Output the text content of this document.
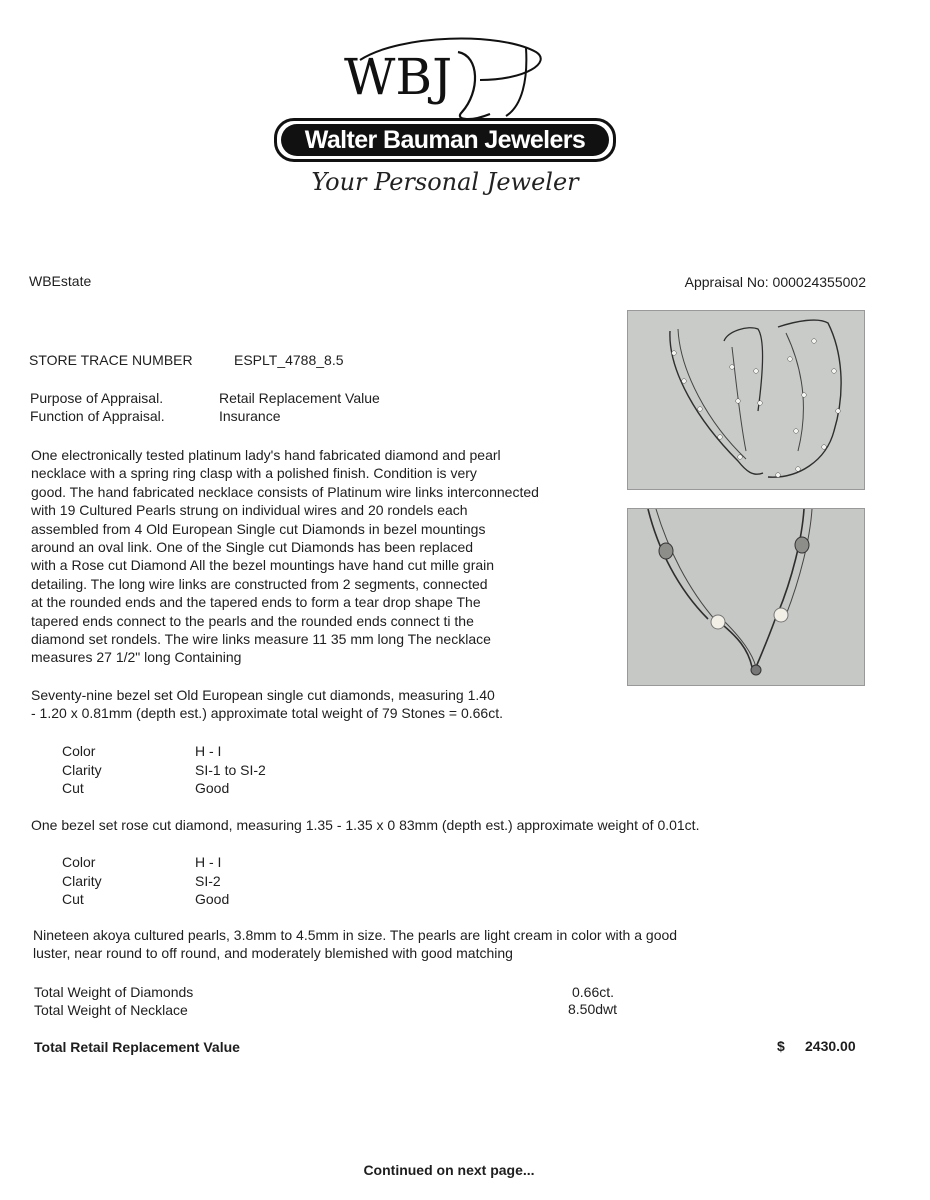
WBJ
Walter Bauman Jewelers
Your Personal Jeweler
WBEstate	Appraisal No: 000024355002
STORE TRACE NUMBER	ESPLT_4788_8.5
Purpose of Appraisal.	Retail Replacement Value
Function of Appraisal.	Insurance
One electronically tested platinum lady's hand fabricated diamond and pearl
necklace with a spring ring clasp with a polished finish. Condition is very
good. The hand fabricated necklace consists of Platinum wire links interconnected
with 19 Cultured Pearls strung on individual wires and 20 rondels each
assembled from 4 Old European Single cut Diamonds in bezel mountings
around an oval link. One of the Single cut Diamonds has been replaced
with a Rose cut Diamond All the bezel mountings have hand cut mille grain
detailing. The long wire links are constructed from 2 segments, connected
at the rounded ends and the tapered ends to form a tear drop shape The
tapered ends connect to the pearls and the rounded ends connect ti the
diamond set rondels. The wire links measure 11 35 mm long The necklace
measures 27 1/2" long Containing
Seventy-nine bezel set Old European single cut diamonds, measuring 1.40
- 1.20 x 0.81mm (depth est.) approximate total weight of 79 Stones = 0.66ct.
Color	H - I
Clarity	SI-1 to SI-2
Cut	Good
One bezel set rose cut diamond, measuring 1.35 - 1.35 x 0 83mm (depth est.) approximate weight of 0.01ct.
Color	H - I
Clarity	SI-2
Cut	Good
Nineteen akoya cultured pearls, 3.8mm to 4.5mm in size. The pearls are light cream in color with a good
luster, near round to off round, and moderately blemished with good matching
Total Weight of Diamonds	0.66ct.
Total Weight of Necklace	8.50dwt
Total Retail Replacement Value	$ 2430.00
Continued on next page...
